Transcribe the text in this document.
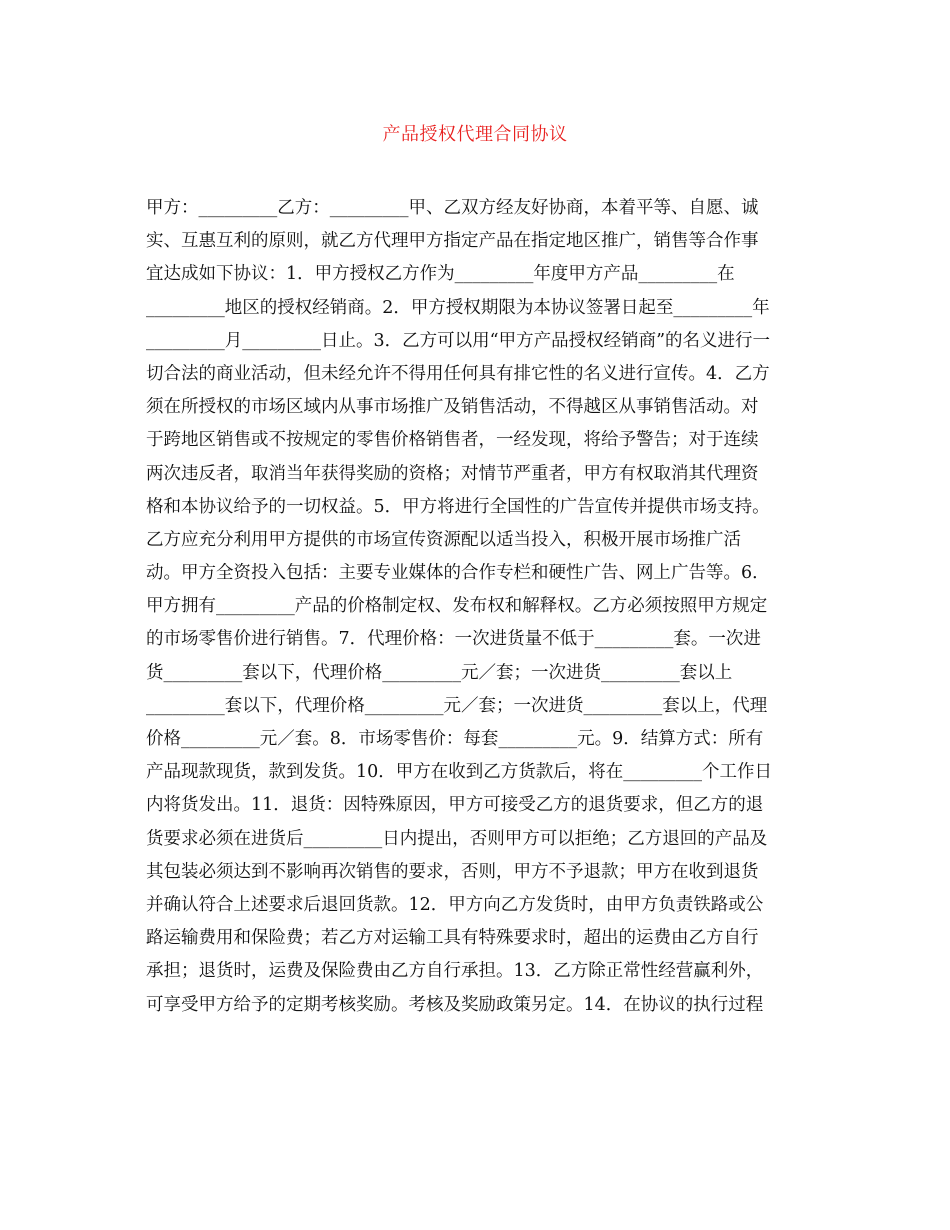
产品授权代理合同协议
甲方：_________乙方：_________甲、乙双方经友好协商，本着平等、自愿、诚
实、互惠互利的原则，就乙方代理甲方指定产品在指定地区推广，销售等合作事
宜达成如下协议：1．甲方授权乙方作为_________年度甲方产品_________在
_________地区的授权经销商。2．甲方授权期限为本协议签署日起至_________年
_________月_________日止。3．乙方可以用“甲方产品授权经销商”的名义进行一
切合法的商业活动，但未经允许不得用任何具有排它性的名义进行宣传。4．乙方
须在所授权的市场区域内从事市场推广及销售活动，不得越区从事销售活动。对
于跨地区销售或不按规定的零售价格销售者，一经发现，将给予警告；对于连续
两次违反者，取消当年获得奖励的资格；对情节严重者，甲方有权取消其代理资
格和本协议给予的一切权益。5．甲方将进行全国性的广告宣传并提供市场支持。
乙方应充分利用甲方提供的市场宣传资源配以适当投入，积极开展市场推广活
动。甲方全资投入包括：主要专业媒体的合作专栏和硬性广告、网上广告等。6．
甲方拥有_________产品的价格制定权、发布权和解释权。乙方必须按照甲方规定
的市场零售价进行销售。7．代理价格：一次进货量不低于_________套。一次进
货_________套以下，代理价格_________元／套；一次进货_________套以上
_________套以下，代理价格_________元／套；一次进货_________套以上，代理
价格_________元／套。8．市场零售价：每套_________元。9．结算方式：所有
产品现款现货，款到发货。10．甲方在收到乙方货款后，将在_________个工作日
内将货发出。11．退货：因特殊原因，甲方可接受乙方的退货要求，但乙方的退
货要求必须在进货后_________日内提出，否则甲方可以拒绝；乙方退回的产品及
其包装必须达到不影响再次销售的要求，否则，甲方不予退款；甲方在收到退货
并确认符合上述要求后退回货款。12．甲方向乙方发货时，由甲方负责铁路或公
路运输费用和保险费；若乙方对运输工具有特殊要求时，超出的运费由乙方自行
承担；退货时，运费及保险费由乙方自行承担。13．乙方除正常性经营赢利外，
可享受甲方给予的定期考核奖励。考核及奖励政策另定。14．在协议的执行过程
